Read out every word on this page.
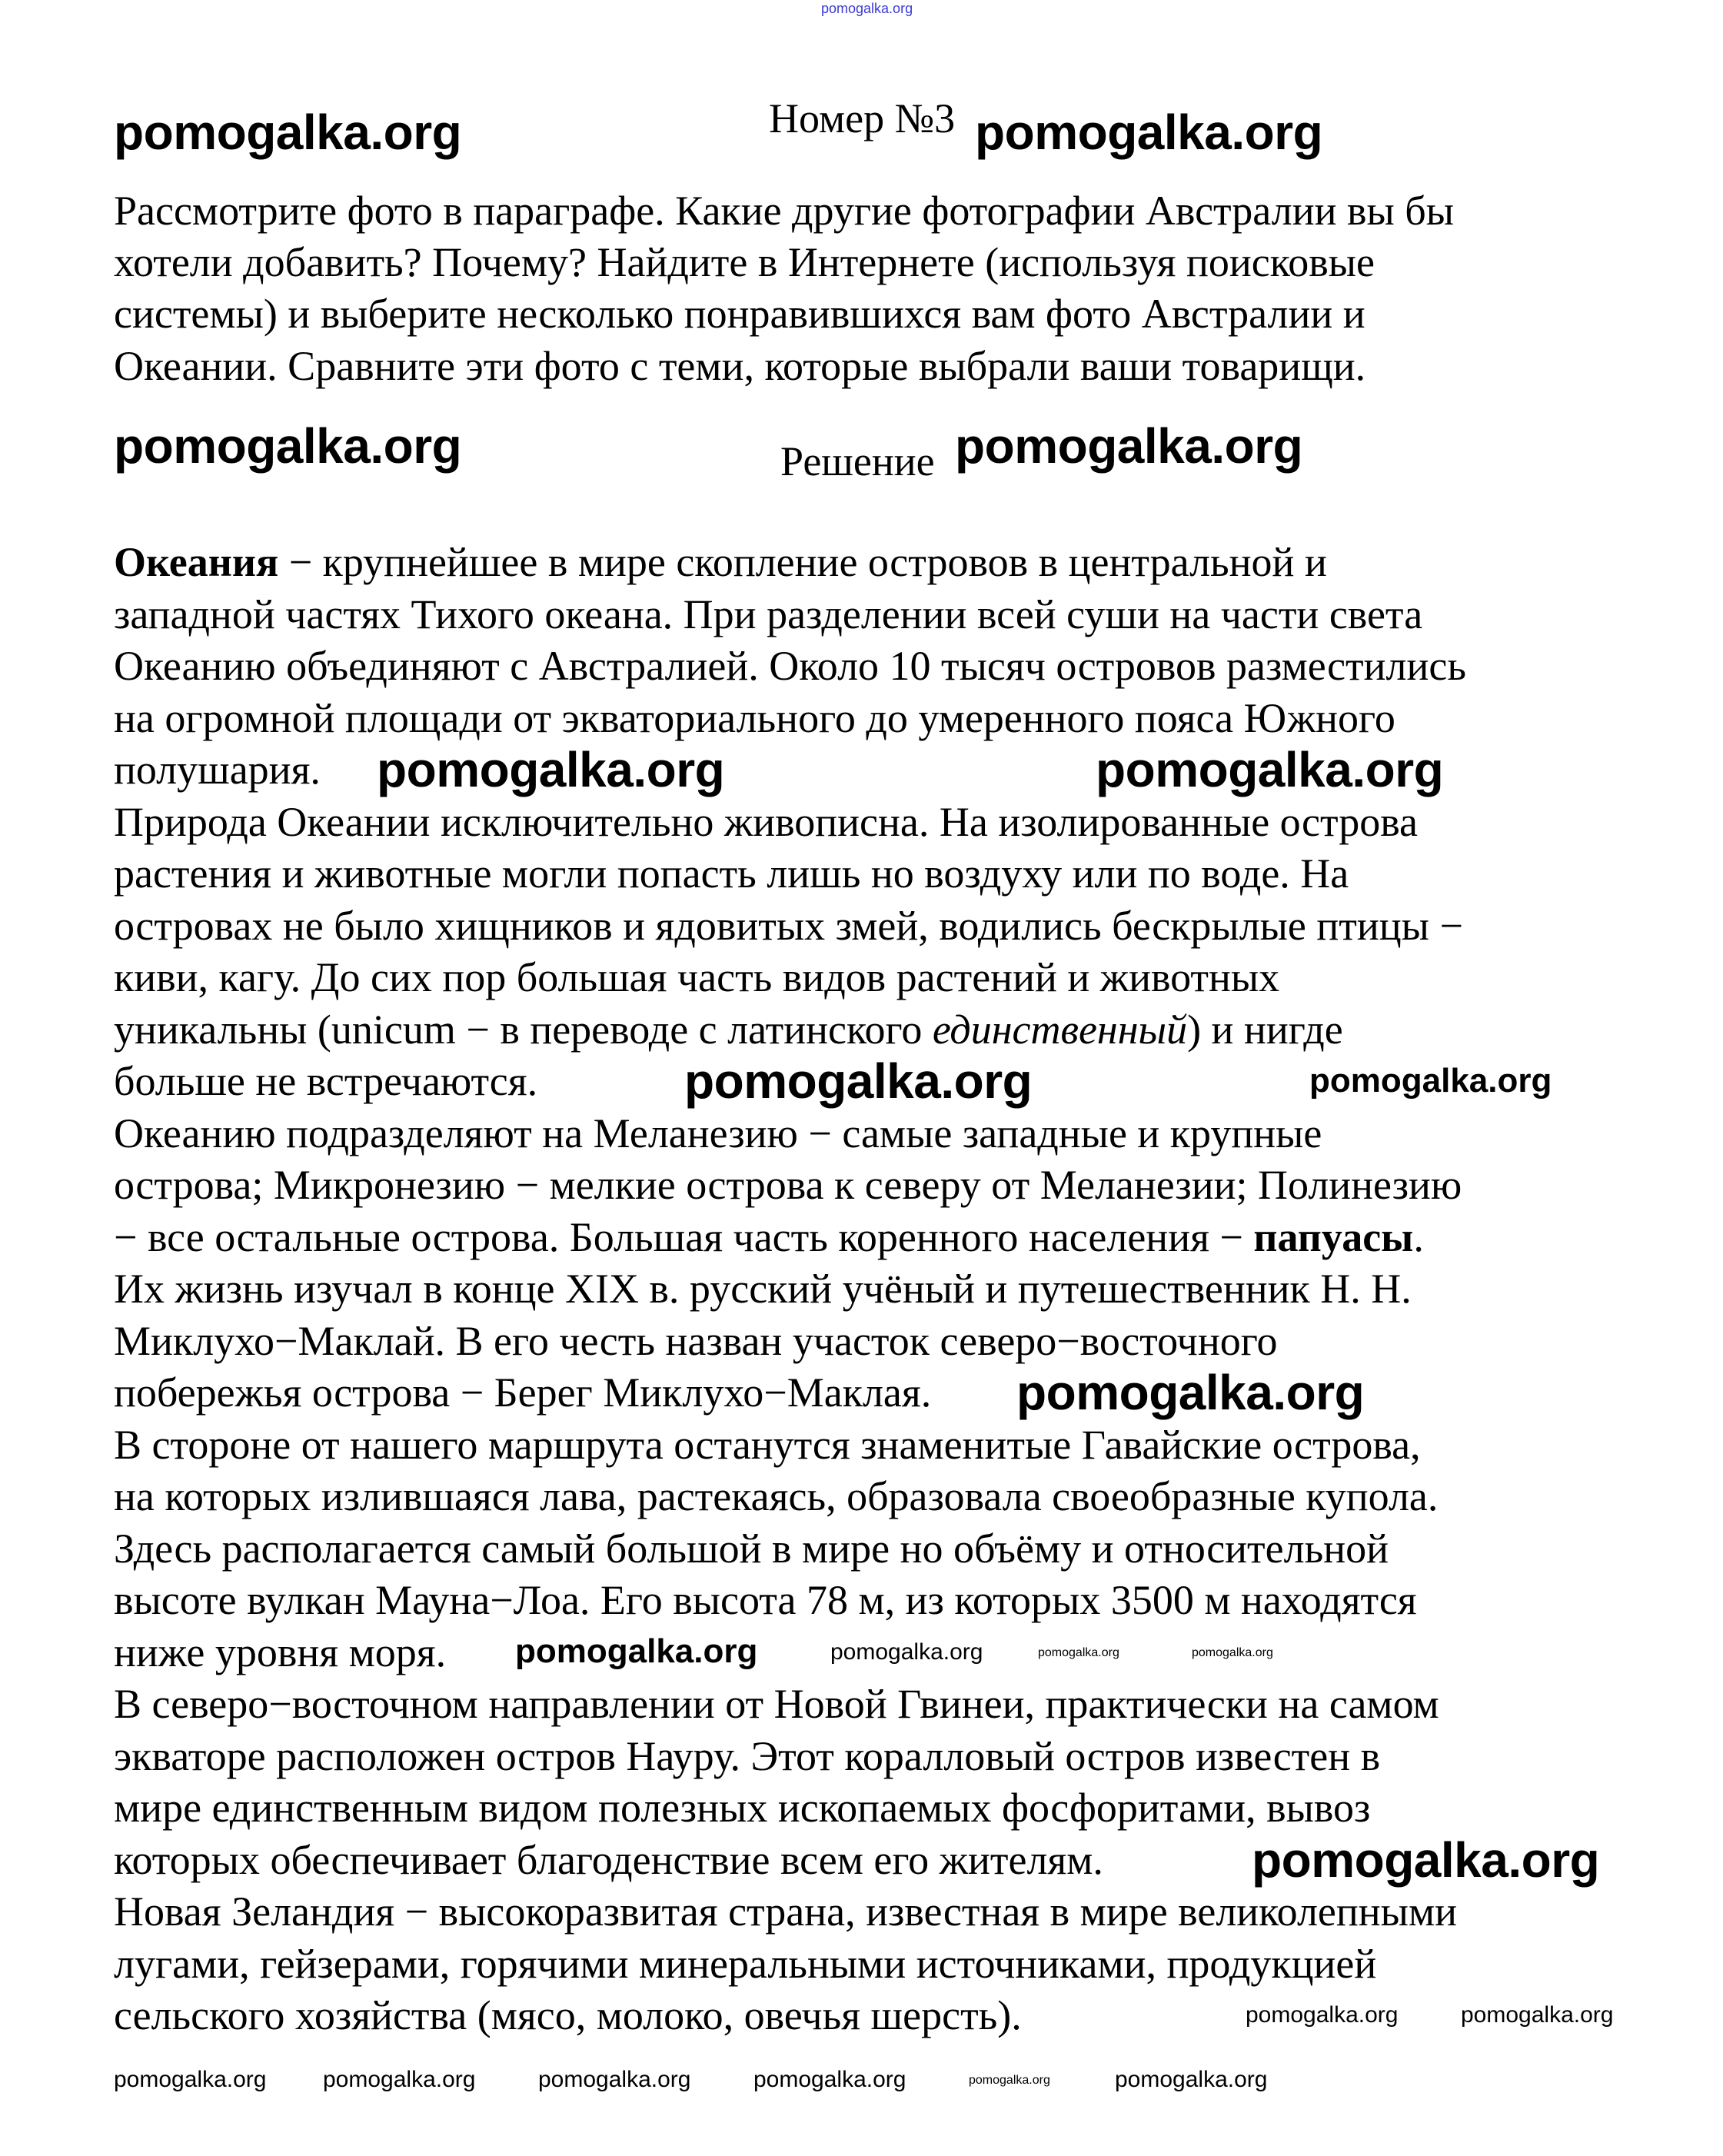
pomogalka.org
pomogalka.org	Номер №3 pomogalka.org
pomogalka.org	Решение pomogalka.org
pomogalka.org	pomogalka.org
pomogalka.org	pomogalka.org
pomogalka.org
pomogalka.org	pomogalka.org	pomogalka.org	pomogalka.org
pomogalka.org
pomogalka.org	pomogalka.org
pomogalka.org pomogalka.org	pomogalka.org	pomogalka.org	pomogalka.org	pomogalka.org
Рассмотрите фото в параграфе. Какие другие фотографии Австралии вы бы
хотели добавить? Почему? Найдите в Интернете (используя поисковые
системы) и выберите несколько понравившихся вам фото Австралии и
Океании. Сравните эти фото с теми, которые выбрали ваши товарищи.
Океания − крупнейшее в мире скопление островов в центральной и
западной частях Тихого океана. При разделении всей суши на части света
Океанию объединяют с Австралией. Около 10 тысяч островов разместились
на огромной площади от экваториального до умеренного пояса Южного
полушария.
Природа Океании исключительно живописна. На изолированные острова
растения и животные могли попасть лишь но воздуху или по воде. На
островах не было хищников и ядовитых змей, водились бескрылые птицы −
киви, кагу. До сих пор большая часть видов растений и животных
уникальны (unicum − в переводе с латинского единственный) и нигде
больше не встречаются.
Океанию подразделяют на Меланезию − самые западные и крупные
острова; Микронезию − мелкие острова к северу от Меланезии; Полинезию
− все остальные острова. Большая часть коренного населения − папуасы.
Их жизнь изучал в конце XIX в. русский учёный и путешественник Н. Н.
Миклухо−Маклай. В его честь назван участок северо−восточного
побережья острова − Берег Миклухо−Маклая.
В стороне от нашего маршрута останутся знаменитые Гавайские острова,
на которых излившаяся лава, растекаясь, образовала своеобразные купола.
Здесь располагается самый большой в мире но объёму и относительной
высоте вулкан Мауна−Лоа. Его высота 78 м, из которых 3500 м находятся
ниже уровня моря.
В северо−восточном направлении от Новой Гвинеи, практически на самом
экваторе расположен остров Науру. Этот коралловый остров известен в
мире единственным видом полезных ископаемых фосфоритами, вывоз
которых обеспечивает благоденствие всем его жителям.
Новая Зеландия − высокоразвитая страна, известная в мире великолепными
лугами, гейзерами, горячими минеральными источниками, продукцией
сельского хозяйства (мясо, молоко, овечья шерсть).
